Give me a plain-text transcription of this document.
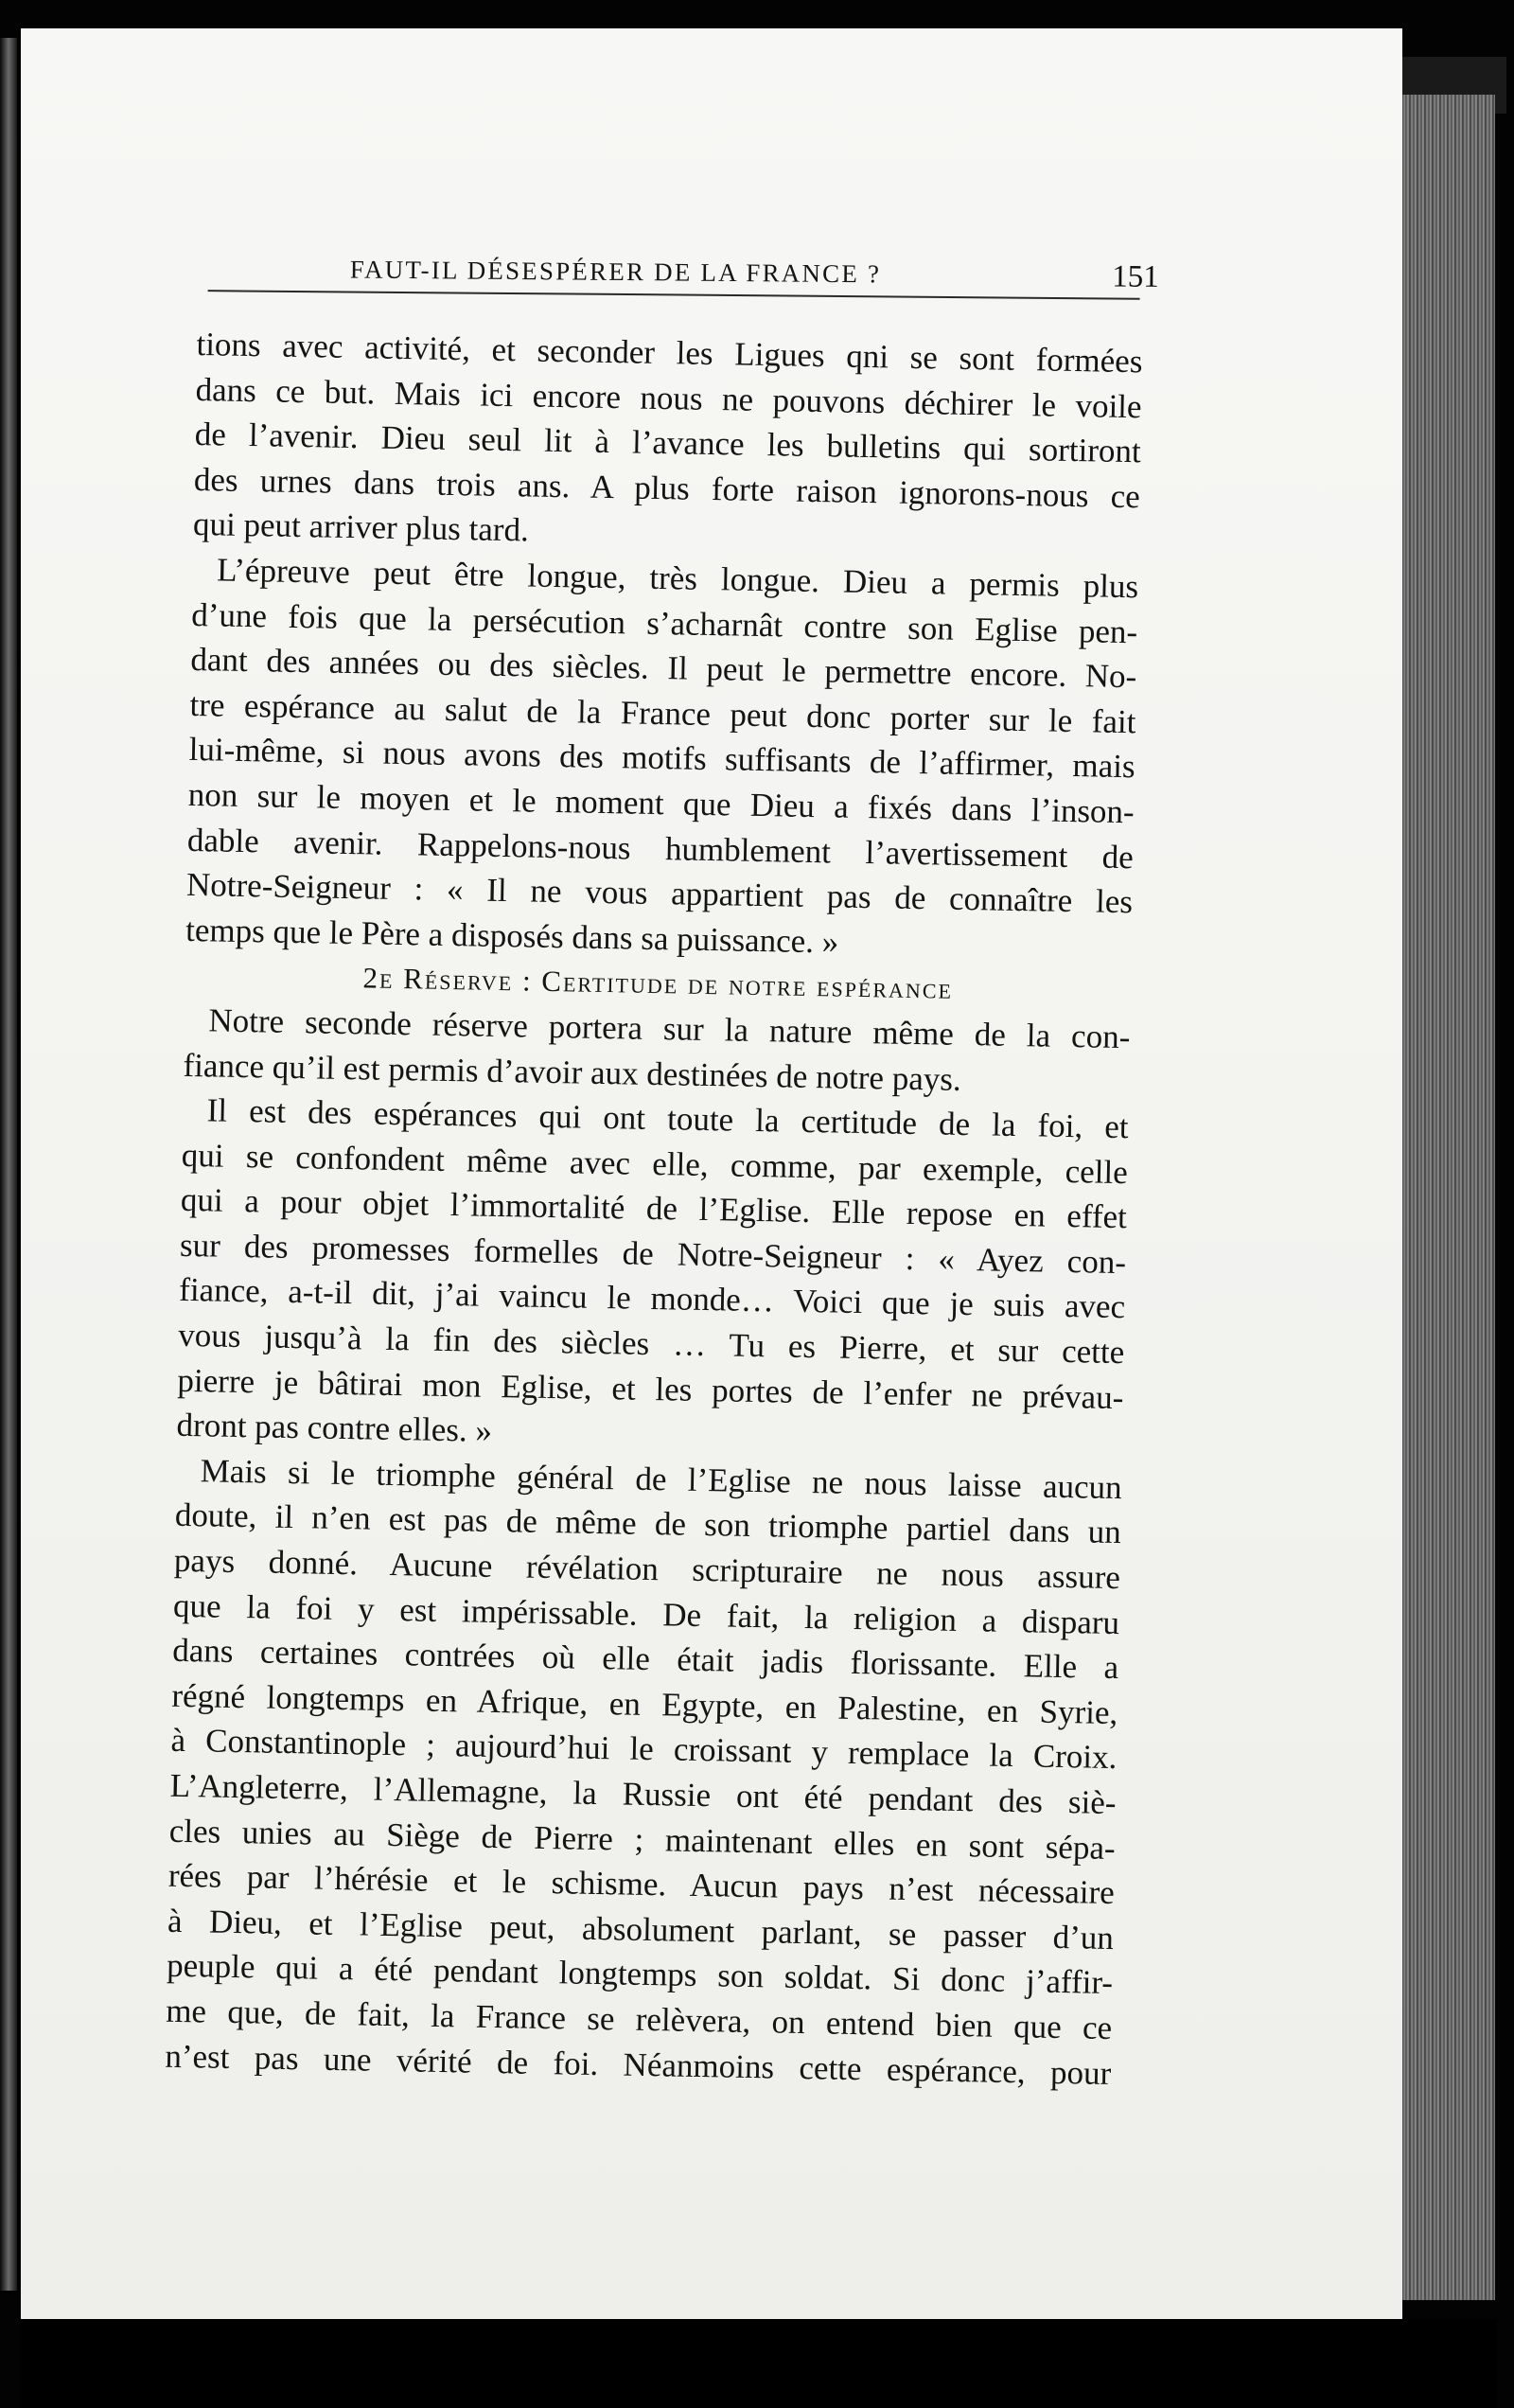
FAUT-IL DÉSESPÉRER DE LA FRANCE ?	151
tions avec activité, et seconder les Ligues qni se sont formées
dans ce but. Mais ici encore nous ne pouvons déchirer le voile
de l’avenir. Dieu seul lit à l’avance les bulletins qui sortiront
des urnes dans trois ans. A plus forte raison ignorons-nous ce
qui peut arriver plus tard.
L’épreuve peut être longue, très longue. Dieu a permis plus
d’une fois que la persécution s’acharnât contre son Eglise pen-
dant des années ou des siècles. Il peut le permettre encore. No-
tre espérance au salut de la France peut donc porter sur le fait
lui-même, si nous avons des motifs suffisants de l’affirmer, mais
non sur le moyen et le moment que Dieu a fixés dans l’inson-
dable avenir. Rappelons-nous humblement l’avertissement de
Notre-Seigneur : « Il ne vous appartient pas de connaître les
temps que le Père a disposés dans sa puissance. »
2e Réserve : Certitude de notre espérance
Notre seconde réserve portera sur la nature même de la con-
fiance qu’il est permis d’avoir aux destinées de notre pays.
Il est des espérances qui ont toute la certitude de la foi, et
qui se confondent même avec elle, comme, par exemple, celle
qui a pour objet l’immortalité de l’Eglise. Elle repose en effet
sur des promesses formelles de Notre-Seigneur : « Ayez con-
fiance, a-t-il dit, j’ai vaincu le monde… Voici que je suis avec
vous jusqu’à la fin des siècles … Tu es Pierre, et sur cette
pierre je bâtirai mon Eglise, et les portes de l’enfer ne prévau-
dront pas contre elles. »
Mais si le triomphe général de l’Eglise ne nous laisse aucun
doute, il n’en est pas de même de son triomphe partiel dans un
pays donné. Aucune révélation scripturaire ne nous assure
que la foi y est impérissable. De fait, la religion a disparu
dans certaines contrées où elle était jadis florissante. Elle a
régné longtemps en Afrique, en Egypte, en Palestine, en Syrie,
à Constantinople ; aujourd’hui le croissant y remplace la Croix.
L’Angleterre, l’Allemagne, la Russie ont été pendant des siè-
cles unies au Siège de Pierre ; maintenant elles en sont sépa-
rées par l’hérésie et le schisme. Aucun pays n’est nécessaire
à Dieu, et l’Eglise peut, absolument parlant, se passer d’un
peuple qui a été pendant longtemps son soldat. Si donc j’affir-
me que, de fait, la France se relèvera, on entend bien que ce
n’est pas une vérité de foi. Néanmoins cette espérance, pour
